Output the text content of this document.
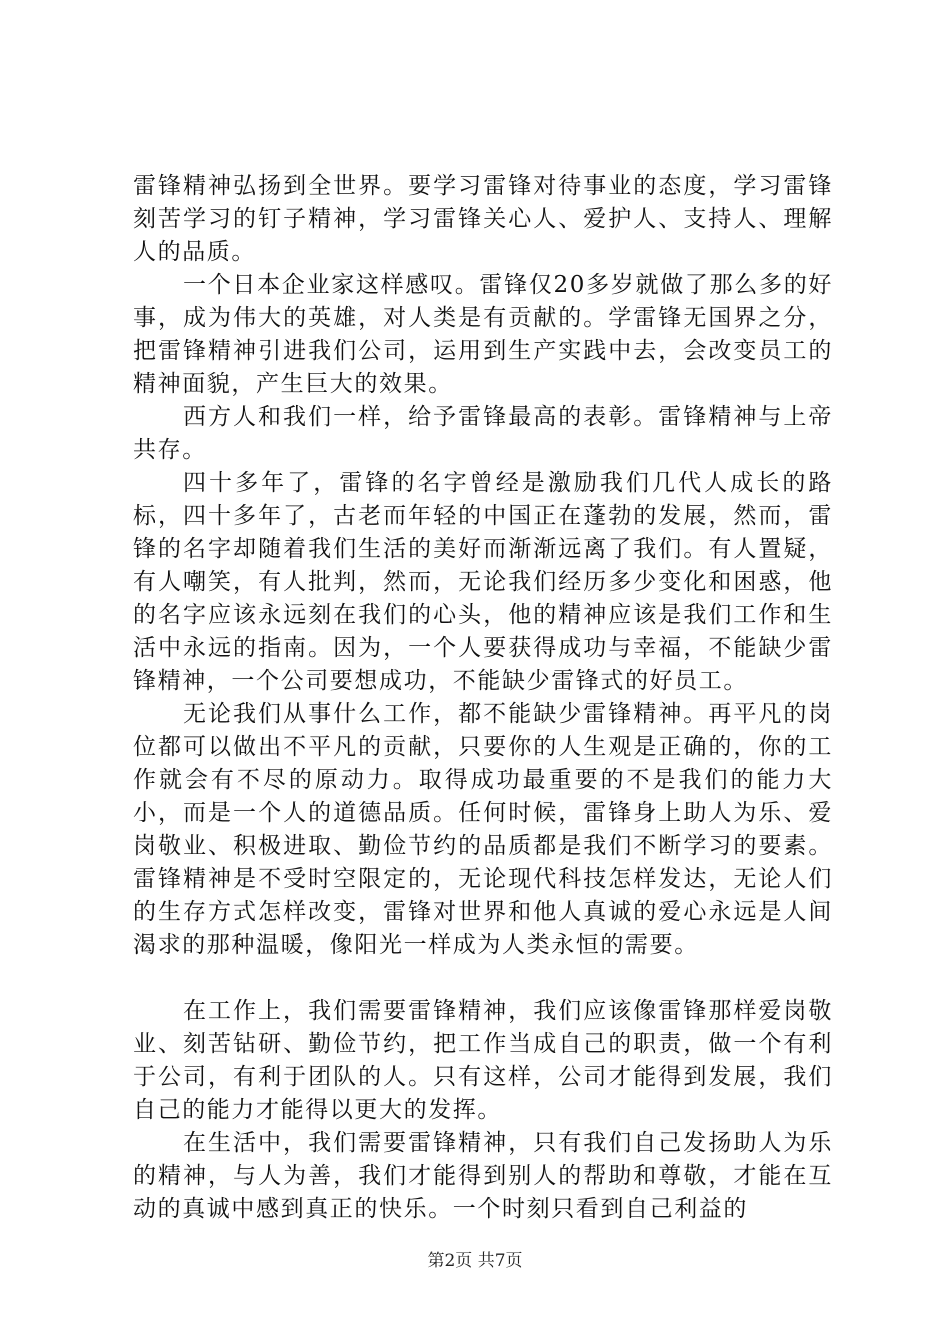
雷锋精神弘扬到全世界。要学习雷锋对待事业的态度，学习雷锋刻苦学习的钉子精神，学习雷锋关心人、爱护人、支持人、理解人的品质。

一个日本企业家这样感叹。雷锋仅20多岁就做了那么多的好事，成为伟大的英雄，对人类是有贡献的。学雷锋无国界之分，把雷锋精神引进我们公司，运用到生产实践中去，会改变员工的精神面貌，产生巨大的效果。

西方人和我们一样，给予雷锋最高的表彰。雷锋精神与上帝共存。

四十多年了，雷锋的名字曾经是激励我们几代人成长的路标，四十多年了，古老而年轻的中国正在蓬勃的发展，然而，雷锋的名字却随着我们生活的美好而渐渐远离了我们。有人置疑，有人嘲笑，有人批判，然而，无论我们经历多少变化和困惑，他的名字应该永远刻在我们的心头，他的精神应该是我们工作和生活中永远的指南。因为，一个人要获得成功与幸福，不能缺少雷锋精神，一个公司要想成功，不能缺少雷锋式的好员工。

无论我们从事什么工作，都不能缺少雷锋精神。再平凡的岗位都可以做出不平凡的贡献，只要你的人生观是正确的，你的工作就会有不尽的原动力。取得成功最重要的不是我们的能力大小，而是一个人的道德品质。任何时候，雷锋身上助人为乐、爱岗敬业、积极进取、勤俭节约的品质都是我们不断学习的要素。雷锋精神是不受时空限定的，无论现代科技怎样发达，无论人们的生存方式怎样改变，雷锋对世界和他人真诚的爱心永远是人间渴求的那种温暖，像阳光一样成为人类永恒的需要。

在工作上，我们需要雷锋精神，我们应该像雷锋那样爱岗敬业、刻苦钻研、勤俭节约，把工作当成自己的职责，做一个有利于公司，有利于团队的人。只有这样，公司才能得到发展，我们自己的能力才能得以更大的发挥。

在生活中，我们需要雷锋精神，只有我们自己发扬助人为乐的精神，与人为善，我们才能得到别人的帮助和尊敬，才能在互动的真诚中感到真正的快乐。一个时刻只看到自己利益的

第2页 共7页
